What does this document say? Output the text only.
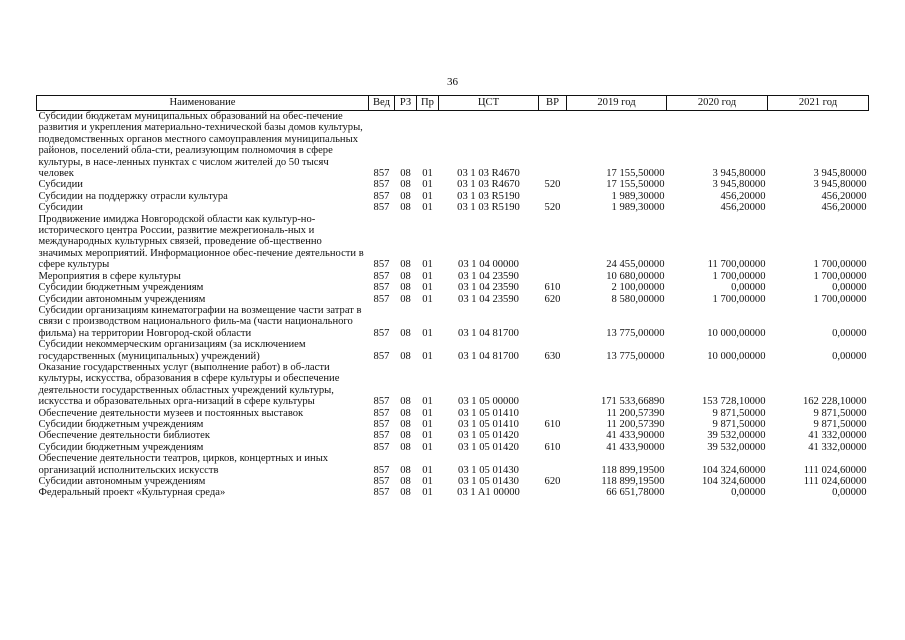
36
Наименование	Вед	РЗ	Пр	ЦСТ	ВР	2019 год	2020 год	2021 год
Субсидии бюджетам муниципальных образований на обес-печение развития и укрепления материально-технической базы домов культуры, подведомственных органов местного самоуправления муниципальных районов, поселений обла-сти, реализующим полномочия в сфере культуры, в насе-ленных пунктах с числом жителей до 50 тысяч человек	857	08	01	03 1 03 R4670		17 155,50000	3 945,80000	3 945,80000
Субсидии	857	08	01	03 1 03 R4670	520	17 155,50000	3 945,80000	3 945,80000
Субсидии на поддержку отрасли культура	857	08	01	03 1 03 R5190		1 989,30000	456,20000	456,20000
Субсидии	857	08	01	03 1 03 R5190	520	1 989,30000	456,20000	456,20000
Продвижение имиджа Новгородской области как культур-но-исторического центра России, развитие межрегиональ-ных и международных культурных связей, проведение об-щественно значимых мероприятий. Информационное обес-печение деятельности в сфере культуры	857	08	01	03 1 04 00000		24 455,00000	11 700,00000	1 700,00000
Мероприятия в сфере культуры	857	08	01	03 1 04 23590		10 680,00000	1 700,00000	1 700,00000
Субсидии бюджетным учреждениям	857	08	01	03 1 04 23590	610	2 100,00000	0,00000	0,00000
Субсидии автономным учреждениям	857	08	01	03 1 04 23590	620	8 580,00000	1 700,00000	1 700,00000
Субсидии организациям кинематографии на возмещение части затрат в связи с производством национального филь-ма (части национального фильма) на территории Новгород-ской области	857	08	01	03 1 04 81700		13 775,00000	10 000,00000	0,00000
Субсидии некоммерческим организациям (за исключением государственных (муниципальных) учреждений)	857	08	01	03 1 04 81700	630	13 775,00000	10 000,00000	0,00000
Оказание государственных услуг (выполнение работ) в об-ласти культуры, искусства, образования в сфере культуры и обеспечение деятельности государственных областных учреждений культуры, искусства и образовательных орга-низаций в сфере культуры	857	08	01	03 1 05 00000		171 533,66890	153 728,10000	162 228,10000
Обеспечение деятельности музеев и постоянных выставок	857	08	01	03 1 05 01410		11 200,57390	9 871,50000	9 871,50000
Субсидии бюджетным учреждениям	857	08	01	03 1 05 01410	610	11 200,57390	9 871,50000	9 871,50000
Обеспечение деятельности библиотек	857	08	01	03 1 05 01420		41 433,90000	39 532,00000	41 332,00000
Субсидии бюджетным учреждениям	857	08	01	03 1 05 01420	610	41 433,90000	39 532,00000	41 332,00000
Обеспечение деятельности театров, цирков, концертных и иных организаций исполнительских искусств	857	08	01	03 1 05 01430		118 899,19500	104 324,60000	111 024,60000
Субсидии автономным учреждениям	857	08	01	03 1 05 01430	620	118 899,19500	104 324,60000	111 024,60000
Федеральный проект «Культурная среда»	857	08	01	03 1 A1 00000		66 651,78000	0,00000	0,00000
